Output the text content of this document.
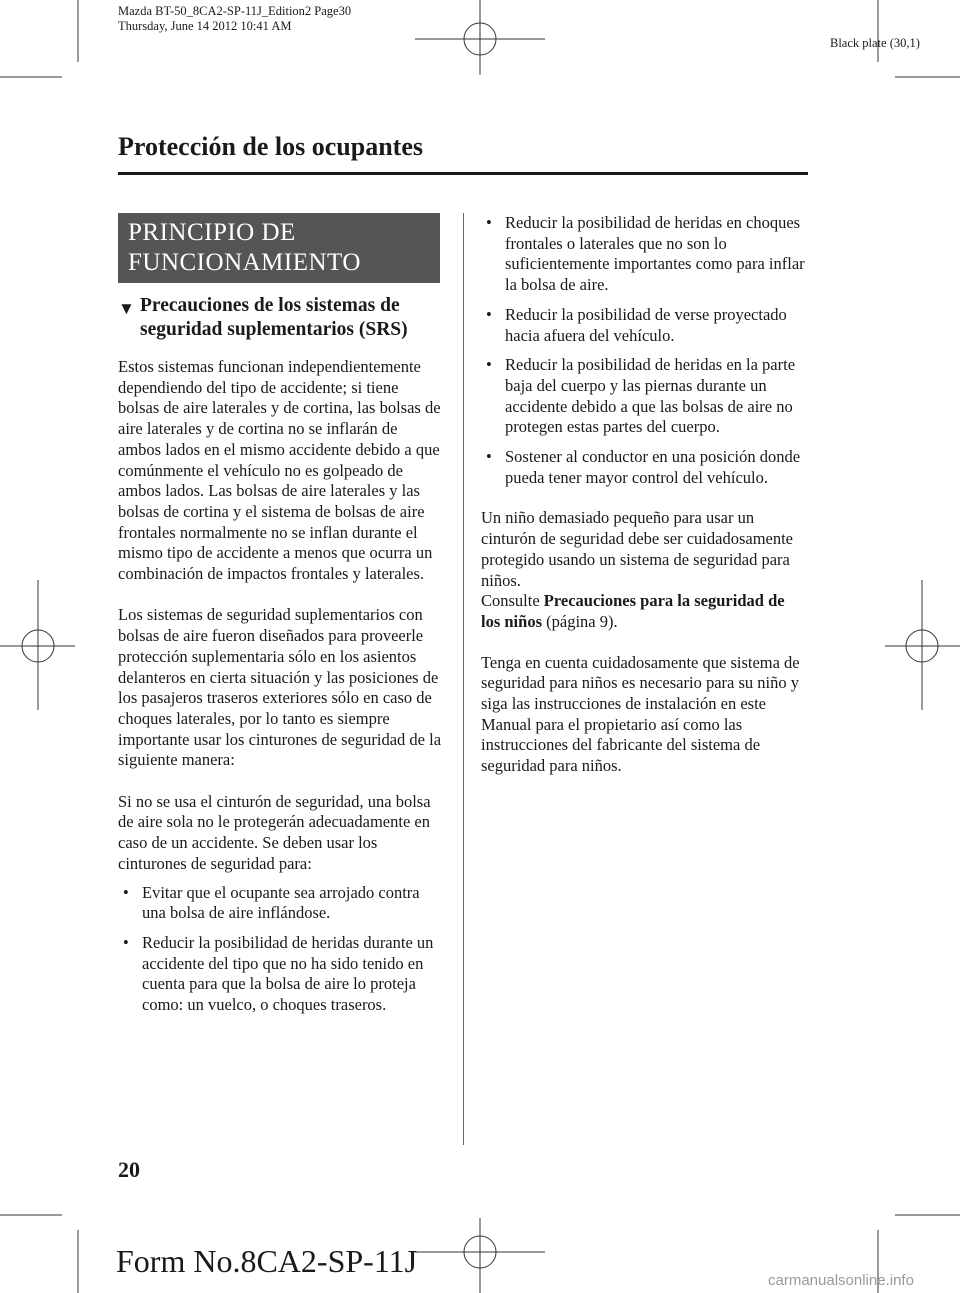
Mazda BT-50_8CA2-SP-11J_Edition2 Page30
Thursday, June 14 2012 10:41 AM
Black plate (30,1)
Protección de los ocupantes
PRINCIPIO DE
FUNCIONAMIENTO
▼ Precauciones de los sistemas de
seguridad suplementarios (SRS)

Estos sistemas funcionan independientemente dependiendo del tipo de accidente; si tiene bolsas de aire laterales y de cortina, las bolsas de aire laterales y de cortina no se inflarán de ambos lados en el mismo accidente debido a que comúnmente el vehículo no es golpeado de ambos lados. Las bolsas de aire laterales y las bolsas de cortina y el sistema de bolsas de aire frontales normalmente no se inflan durante el mismo tipo de accidente a menos que ocurra un combinación de impactos frontales y laterales.

Los sistemas de seguridad suplementarios con bolsas de aire fueron diseñados para proveerle protección suplementaria sólo en los asientos delanteros en cierta situación y las posiciones de los pasajeros traseros exteriores sólo en caso de choques laterales, por lo tanto es siempre importante usar los cinturones de seguridad de la siguiente manera:

Si no se usa el cinturón de seguridad, una bolsa de aire sola no le protegerán adecuadamente en caso de un accidente. Se deben usar los cinturones de seguridad para:

• Evitar que el ocupante sea arrojado contra una bolsa de aire inflándose.
• Reducir la posibilidad de heridas durante un accidente del tipo que no ha sido tenido en cuenta para que la bolsa de aire lo proteja como: un vuelco, o choques traseros.
• Reducir la posibilidad de heridas en choques frontales o laterales que no son lo suficientemente importantes como para inflar la bolsa de aire.
• Reducir la posibilidad de verse proyectado hacia afuera del vehículo.
• Reducir la posibilidad de heridas en la parte baja del cuerpo y las piernas durante un accidente debido a que las bolsas de aire no protegen estas partes del cuerpo.
• Sostener al conductor en una posición donde pueda tener mayor control del vehículo.

Un niño demasiado pequeño para usar un cinturón de seguridad debe ser cuidadosamente protegido usando un sistema de seguridad para niños.
Consulte Precauciones para la seguridad de los niños (página 9).

Tenga en cuenta cuidadosamente que sistema de seguridad para niños es necesario para su niño y siga las instrucciones de instalación en este Manual para el propietario así como las instrucciones del fabricante del sistema de seguridad para niños.

20
Form No.8CA2-SP-11J
carmanualsonline.info
